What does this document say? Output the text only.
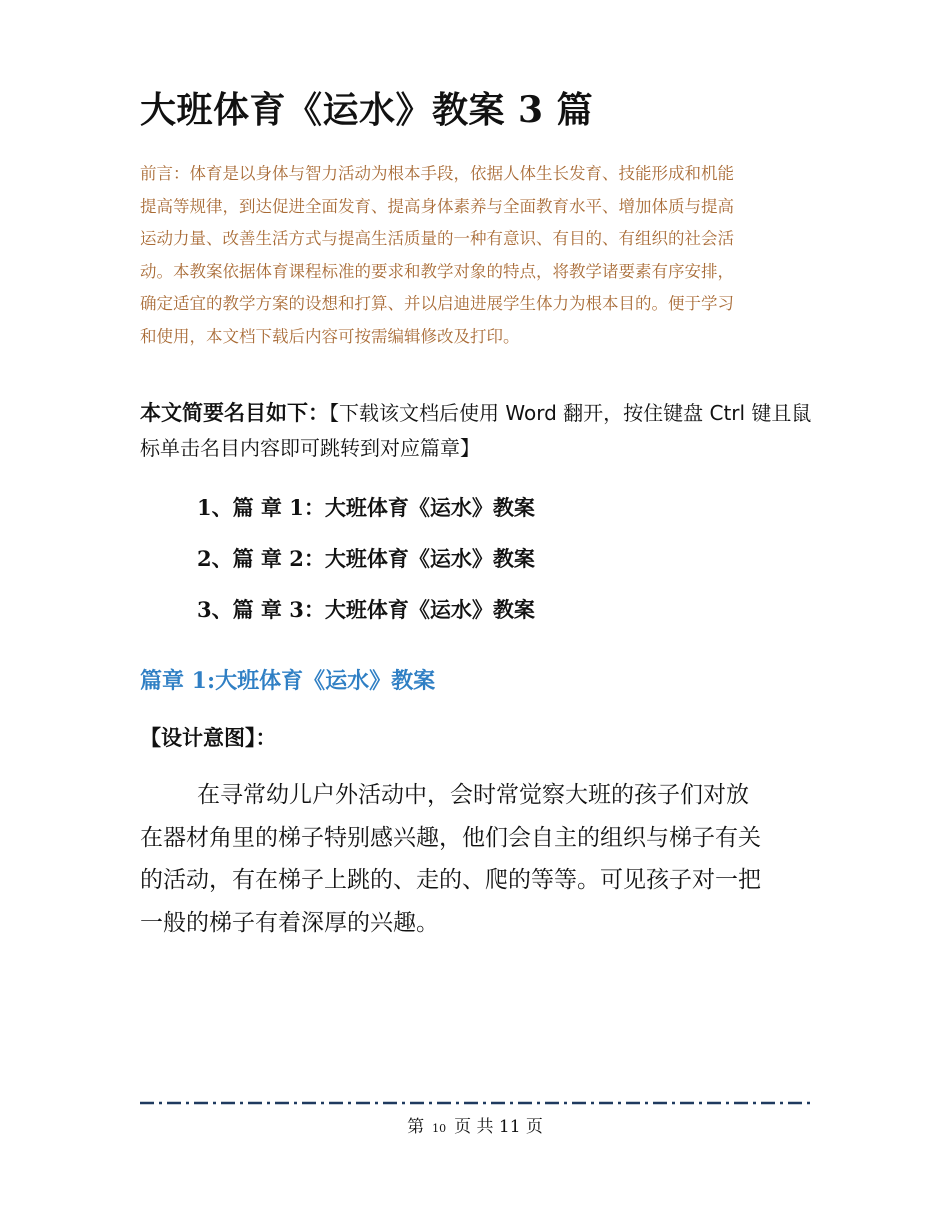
大班体育《运水》教案 3 篇

前言：体育是以身体与智力活动为根本手段，依据人体生长发育、技能形成和机能

提高等规律，到达促进全面发育、提高身体素养与全面教育水平、增加体质与提高

运动力量、改善生活方式与提高生活质量的一种有意识、有目的、有组织的社会活

动。本教案依据体育课程标准的要求和教学对象的特点，将教学诸要素有序安排，

确定适宜的教学方案的设想和打算、并以启迪进展学生体力为根本目的。便于学习

和使用，本文档下载后内容可按需编辑修改及打印。

本文简要名目如下：【下载该文档后使用 Word 翻开，按住键盘 Ctrl 键且鼠标单击名目内容即可跳转到对应篇章】
1、篇 章 1：大班体育《运水》教案
2、篇 章 2：大班体育《运水》教案
3、篇 章 3：大班体育《运水》教案
篇章 1:大班体育《运水》教案
【设计意图】：

在寻常幼儿户外活动中，会时常觉察大班的孩子们对放

在器材角里的梯子特别感兴趣，他们会自主的组织与梯子有关

的活动，有在梯子上跳的、走的、爬的等等。可见孩子对一把

一般的梯子有着深厚的兴趣。

第 10 页 共 11 页
